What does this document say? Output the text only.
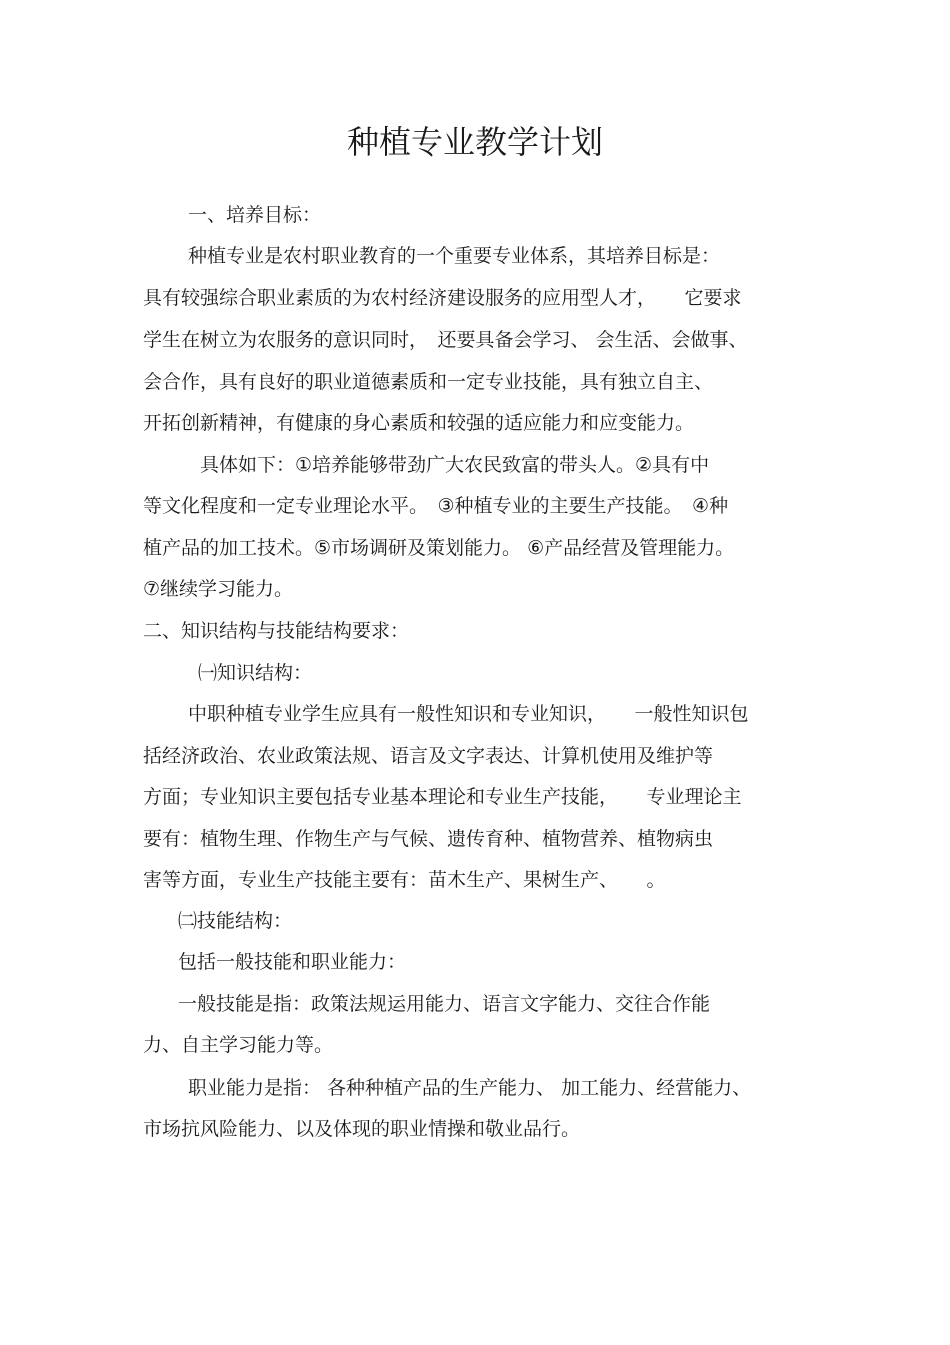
种植专业教学计划

一、培养目标：

种植专业是农村职业教育的一个重要专业体系，其培养目标是：

具有较强综合职业素质的为农村经济建设服务的应用型人才，　　它要求

学生在树立为农服务的意识同时，　还要具备会学习、 会生活、会做事、

会合作，具有良好的职业道德素质和一定专业技能，具有独立自主、

开拓创新精神，有健康的身心素质和较强的适应能力和应变能力。

具体如下：①培养能够带劲广大农民致富的带头人。②具有中

等文化程度和一定专业理论水平。　③种植专业的主要生产技能。　④种

植产品的加工技术。⑤市场调研及策划能力。 ⑥产品经营及管理能力。

⑦继续学习能力。

二、知识结构与技能结构要求：

㈠知识结构：

中职种植专业学生应具有一般性知识和专业知识，　　一般性知识包

括经济政治、农业政策法规、语言及文字表达、计算机使用及维护等

方面；专业知识主要包括专业基本理论和专业生产技能，　　专业理论主

要有：植物生理、作物生产与气候、遗传育种、植物营养、植物病虫

害等方面，专业生产技能主要有：苗木生产、果树生产、　　。

㈡技能结构：

包括一般技能和职业能力：

一般技能是指：政策法规运用能力、语言文字能力、交往合作能

力、自主学习能力等。

职业能力是指： 各种种植产品的生产能力、 加工能力、经营能力、

市场抗风险能力、以及体现的职业情操和敬业品行。
